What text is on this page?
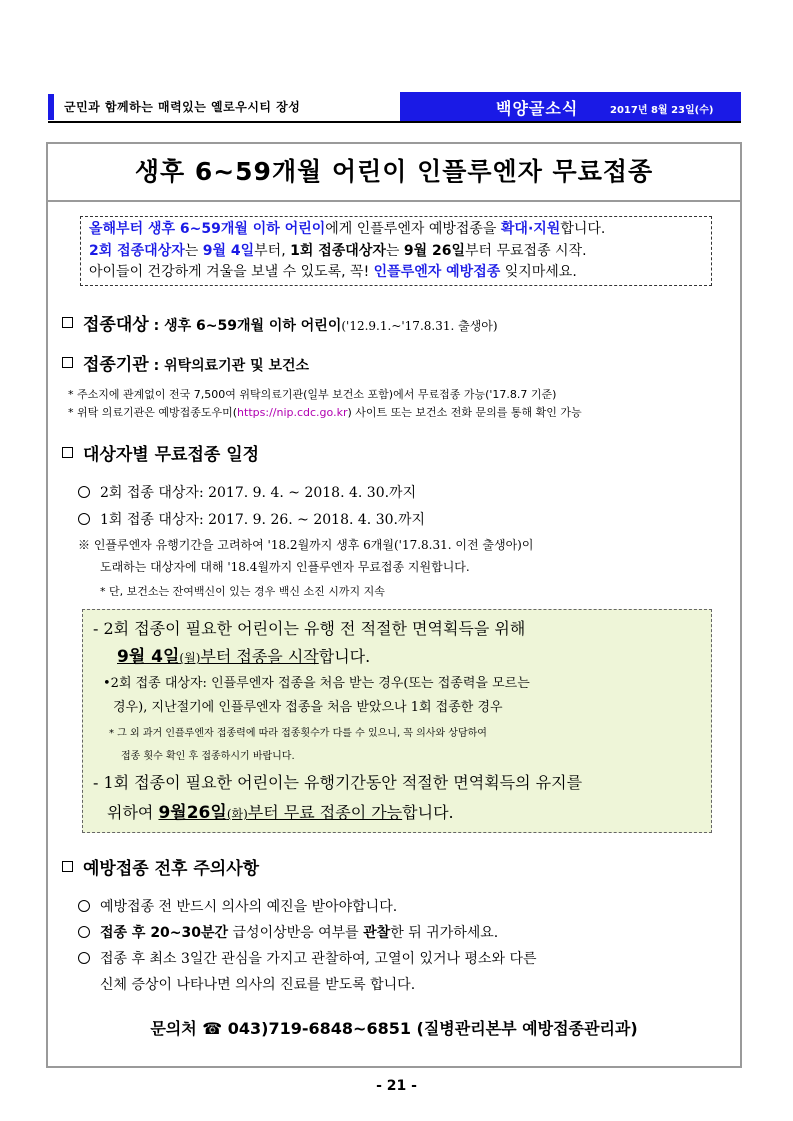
군민과 함께하는 매력있는 옐로우시티 장성	백양골소식	2017년 8월 23일(수)
생후 6~59개월 어린이 인플루엔자 무료접종
올해부터 생후 6~59개월 이하 어린이에게 인플루엔자 예방접종을 확대·지원합니다.
2회 접종대상자는 9월 4일부터, 1회 접종대상자는 9월 26일부터 무료접종 시작.
아이들이 건강하게 겨울을 보낼 수 있도록, 꼭! 인플루엔자 예방접종 잊지마세요.
접종대상 : 생후 6~59개월 이하 어린이('12.9.1.~'17.8.31. 출생아)
접종기관 : 위탁의료기관 및 보건소
* 주소지에 관계없이 전국 7,500여 위탁의료기관(일부 보건소 포함)에서 무료접종 가능('17.8.7 기준)
* 위탁 의료기관은 예방접종도우미(https://nip.cdc.go.kr) 사이트 또는 보건소 전화 문의를 통해 확인 가능
대상자별 무료접종 일정
2회 접종 대상자: 2017. 9. 4. ~ 2018. 4. 30.까지
1회 접종 대상자: 2017. 9. 26. ~ 2018. 4. 30.까지
※ 인플루엔자 유행기간을 고려하여 '18.2월까지 생후 6개월('17.8.31. 이전 출생아)이
도래하는 대상자에 대해 '18.4월까지 인플루엔자 무료접종 지원합니다.
* 단, 보건소는 잔여백신이 있는 경우 백신 소진 시까지 지속
- 2회 접종이 필요한 어린이는 유행 전 적절한 면역획득을 위해
9월 4일(월)부터 접종을 시작합니다.
•2회 접종 대상자: 인플루엔자 접종을 처음 받는 경우(또는 접종력을 모르는
경우), 지난절기에 인플루엔자 접종을 처음 받았으나 1회 접종한 경우
* 그 외 과거 인플루엔자 접종력에 따라 접종횟수가 다를 수 있으니, 꼭 의사와 상담하여
접종 횟수 확인 후 접종하시기 바랍니다.
- 1회 접종이 필요한 어린이는 유행기간동안 적절한 면역획득의 유지를
위하여 9월26일(화)부터 무료 접종이 가능합니다.
예방접종 전후 주의사항
예방접종 전 반드시 의사의 예진을 받아야합니다.
접종 후 20~30분간 급성이상반응 여부를 관찰한 뒤 귀가하세요.
접종 후 최소 3일간 관심을 가지고 관찰하여, 고열이 있거나 평소와 다른
신체 증상이 나타나면 의사의 진료를 받도록 합니다.
문의처 ☎ 043)719-6848~6851 (질병관리본부 예방접종관리과)
- 21 -
